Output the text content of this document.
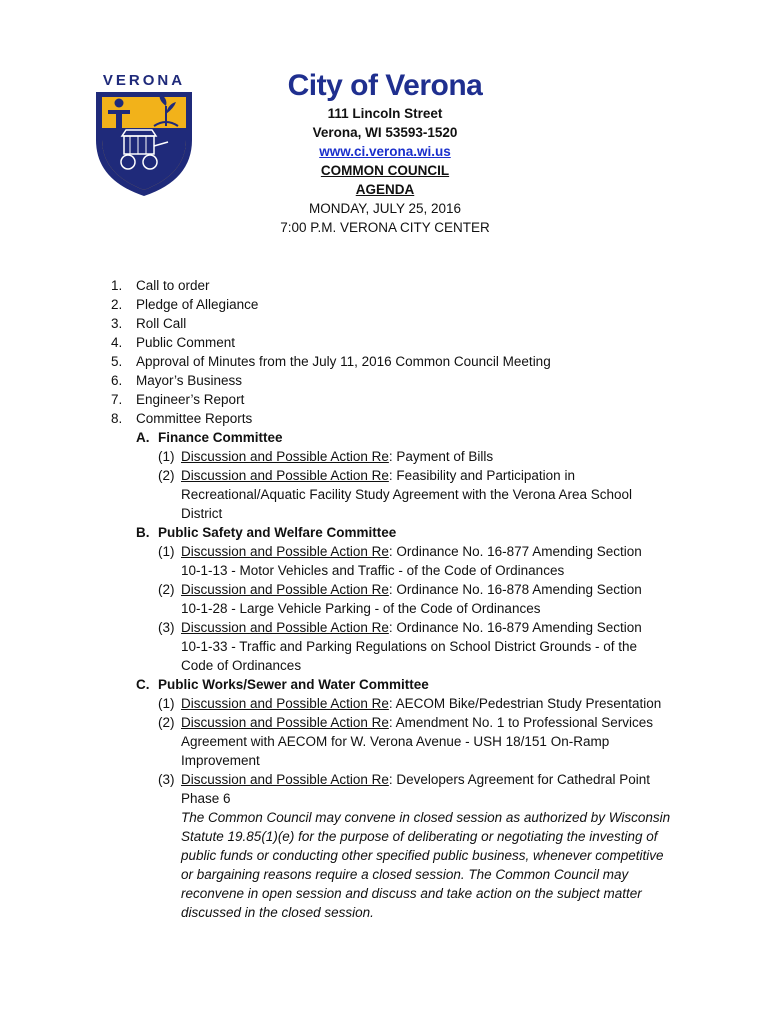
VERONA	City of Verona
111 Lincoln Street
Verona, WI 53593-1520
www.ci.verona.wi.us
COMMON COUNCIL
AGENDA
MONDAY, JULY 25, 2016
7:00 P.M. VERONA CITY CENTER
1. Call to order
2. Pledge of Allegiance
3. Roll Call
4. Public Comment
5. Approval of Minutes from the July 11, 2016 Common Council Meeting
6. Mayor’s Business
7. Engineer’s Report
8. Committee Reports
A. Finance Committee
(1) Discussion and Possible Action Re: Payment of Bills
(2) Discussion and Possible Action Re: Feasibility and Participation in
Recreational/Aquatic Facility Study Agreement with the Verona Area School
District
B. Public Safety and Welfare Committee
(1) Discussion and Possible Action Re: Ordinance No. 16-877 Amending Section
10-1-13 - Motor Vehicles and Traffic - of the Code of Ordinances
(2) Discussion and Possible Action Re: Ordinance No. 16-878 Amending Section
10-1-28 - Large Vehicle Parking - of the Code of Ordinances
(3) Discussion and Possible Action Re: Ordinance No. 16-879 Amending Section
10-1-33 - Traffic and Parking Regulations on School District Grounds - of the
Code of Ordinances
C. Public Works/Sewer and Water Committee
(1) Discussion and Possible Action Re: AECOM Bike/Pedestrian Study Presentation
(2) Discussion and Possible Action Re: Amendment No. 1 to Professional Services
Agreement with AECOM for W. Verona Avenue - USH 18/151 On-Ramp
Improvement
(3) Discussion and Possible Action Re: Developers Agreement for Cathedral Point
Phase 6
The Common Council may convene in closed session as authorized by Wisconsin
Statute 19.85(1)(e) for the purpose of deliberating or negotiating the investing of
public funds or conducting other specified public business, whenever competitive
or bargaining reasons require a closed session. The Common Council may
reconvene in open session and discuss and take action on the subject matter
discussed in the closed session.
